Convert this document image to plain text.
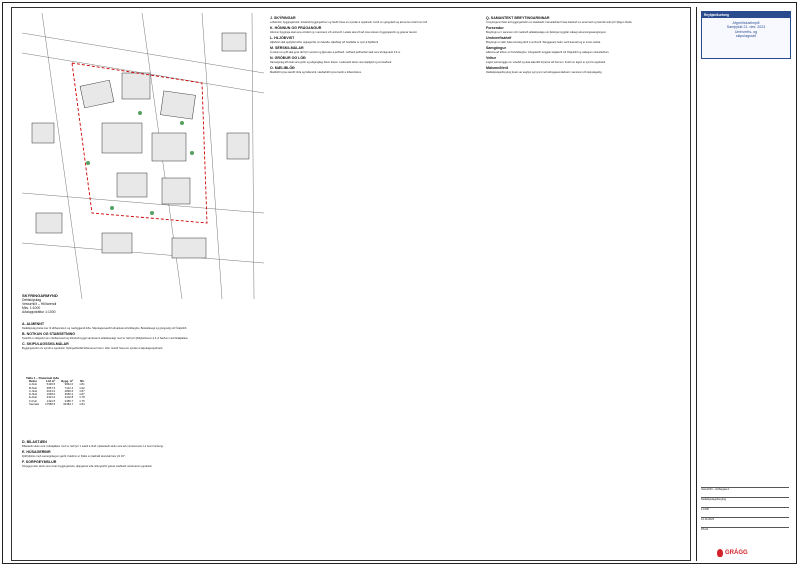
SKÝRINGARMYND
Deiliskipulag
Vesturhlíð – Hlíðarendi
Mkv. 1:1000
Aðaluppdráttur 1:1000
A. ALMENNT

Deiliskipulag þetta nær til Hlíðarenda 1 og nærliggjandi lóða. Skipulagssvæðið afmarkast af Hlíðargötu, Bústaðavegi og göngustíg við Öskjuhlíð.

B. NOTKUN OG STAÐSETNING

Svæðið er skilgreint sem íbúðarsvæði og blönduð byggð samkvæmt aðalskipulagi. Gert er ráð fyrir fjölbýlishúsum á 3–6 hæðum með bílakjallara.

C. SKIPULAGSSKILMÁLAR

Byggingarreitir eru sýndir á uppdrætti. Nýtingarhlutfall lóða kemur fram í töflu. Hæðir húsa eru sýndar á skipulagsuppdrætti.

Tafla 1 – Flatarmál lóða
Reitur	Lóð m²	Bygg. m²	Nh.
A-hluti	5436.5	9842.0	1.81
B-hluti	3857.5	7412.4	1.92
C-hluti	2621.0	4890.6	1.87
D-hluti	1948.0	3650.2	1.87
E-hluti	2301.0	4102.8	1.78
F-hluti	1422.5	2486.7	1.75
Samtals	17586.5	32384.7	1.84
D. BÍLASTÆÐI

Bílastæði skulu vera í bílakjallara. Gert er ráð fyrir 1 stæði á íbúð. Hjólastæði skulu vera að minnsta kosti 1 á hvert herbergi.

E. HÚSAGERÐIR

Fjölbýlishús með sameiginlegum garði. Þakform er frjálst en þakhalli skal ekki fara yfir 20°.

F. SORPGEYMSLUR

Sorpgeymslur skulu vera innan byggingarreits, djúpgámar eða niðurgrafnir gámar staðsettir samkvæmt uppdrætti.

J. SKÝRINGAR

Lóðamörk, byggingarreitir, bindandi byggingarlínur og hæðir húsa eru sýndar á uppdrætti. Kvöð um gönguleið og almenna umferð um lóð.

K. HÖNNUN OG FRÁGANGUR

Hönnun bygginga skal vera vönduð og í samræmi við umhverfi. Leitast skal við að nota vistvæn byggingarefni og grænar lausnir.

L. HLJÓÐVIST

Hljóðvist skal uppfylla kröfur reglugerðar um hávaða. Hljóðstig við húshliðar er sýnt á hljóðkorti.

M. SÉRSKILMÁLAR

Á reitum A og B skal gera ráð fyrir verslun og þjónustu á jarðhæð. Lofthæð jarðhæðar skal vera að lágmarki 3,6 m.

N. GRÓÐUR OG LÓÐ

Sameiginleg lóð skal vera gróin og aðgengileg öllum íbúum. Leiksvæði skulu vera skjólgóð og vel staðsett.

O. MÆLIBLÖÐ

Mæliblöð sýna stærðir lóða og lóðamörk. Hæðarblöð sýna hæðir á lóðamörkum.

Q. SAMANTEKT BREYTINGARINNAR

Í breytingunni felst að byggingarreitir eru stækkaðir, hámarkshæð húsa hækkuð um eina hæð og heimild veitt fyrir fjölgun íbúða.

Forsendur

Breytingin er í samræmi við markmið aðalskipulags um þéttingu byggðar nálægt almenningssamgöngum.

Umhverfisáhrif

Breytingin er talin hafa óveruleg áhrif á umhverfi. Skuggavarp hefur verið kannað og er innan marka.

Samgöngur

Aðkoma að lóðum er frá Hlíðargötu. Gönguleiðir tengjast stígakerfi við Öskjuhlíð og nálægum strætóleiðum.

Veitur

Lagnir veitna liggja um svæðið og skal taka tillit til þeirra við hönnun. Kvöð um lagnir er sýnd á uppdrætti.

Málsmeðferð

Deiliskipulagsbreyting þessi var auglýst og kynnt með athugasemdafresti í samræmi við skipulagslög.

Reykjavíkurborg
Afgreiðslustimpill
Samþykkt 21. des. 2023
Umhverfis- og
skipulagsráð
Vesturhlíð – Hlíðargata 1
Deiliskipulagsbreyting
1:1000
12.10.2023
DS-01
GRÁGG
